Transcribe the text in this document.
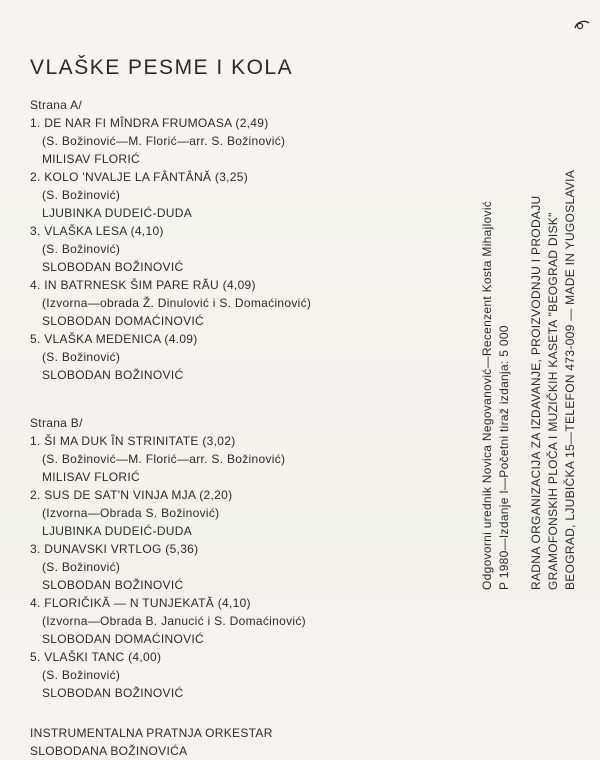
VLAŠKE PESME I KOLA
Strana A/
1. DE NAR FI MÎNDRA FRUMOASA (2,49)
(S. Božinović—M. Florić—arr. S. Božinović)
MILISAV FLORIĆ
2. KOLO 'NVALJE LA FÂNTÂNĂ (3,25)
(S. Božinović)
LJUBINKA DUDEIĆ-DUDA
3. VLAŠKA LESA (4,10)
(S. Božinović)
SLOBODAN BOŽINOVIĆ
4. IN BATRNESK ŠIM PARE RĂU (4,09)
(Izvorna—obrada Ž. Dinulović i S. Domaćinović)
SLOBODAN DOMAĆINOVIĆ
5. VLAŠKA MEDENICA (4.09)
(S. Božinović)
SLOBODAN BOŽINOVIĆ
Strana B/
1. ŠI MA DUK ÎN STRINITATE (3,02)
(S. Božinović—M. Florić—arr. S. Božinović)
MILISAV FLORIĆ
2. SUS DE SAT'N VINJA MJA (2,20)
(Izvorna—Obrada S. Božinović)
LJUBINKA DUDEIĆ-DUDA
3. DUNAVSKI VRTLOG (5,36)
(S. Božinović)
SLOBODAN BOŽINOVIĆ
4. FLORIČIKĂ — N TUNJEKATĂ (4,10)
(Izvorna—Obrada B. Janucić i S. Domaćinović)
SLOBODAN DOMAĆINOVIĆ
5. VLAŠKI TANC (4,00)
(S. Božinović)
SLOBODAN BOŽINOVIĆ
INSTRUMENTALNA PRATNJA ORKESTAR
SLOBODANA BOŽINOVIĆA
Odgovorni urednik Novica Negovanović—Recenzent Kosta Mihajlović P 1980—Izdanje I—Početni tiraž izdanja: 5 000 RADNA ORGANIZACIJA ZA IZDAVANJE, PROIZVODNJU I PRODAJU GRAMOFONSKIH PLOČA I MUZIČKIH KASETA "BEOGRAD DISK" BEOGRAD, LJUBIČKA 15—TELEFON 473-009 — MADE IN YUGOSLAVIA
